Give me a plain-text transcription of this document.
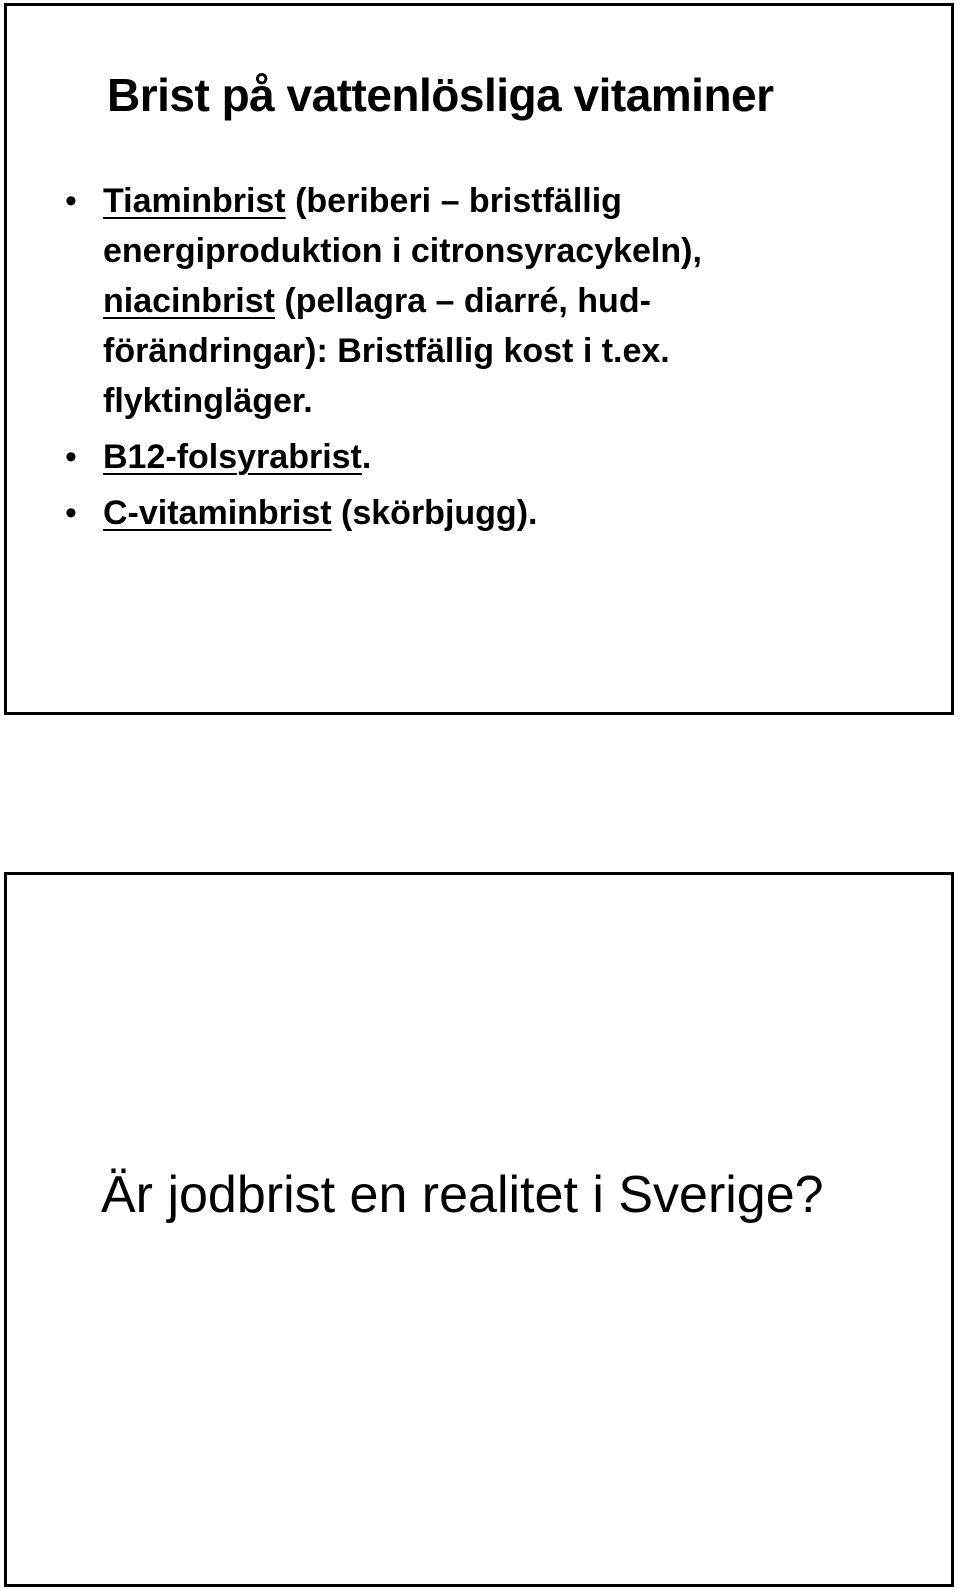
Brist på vattenlösliga vitaminer
• Tiaminbrist (beriberi – bristfällig energiproduktion i citronsyracykeln), niacinbrist (pellagra – diarré, hud-förändringar): Bristfällig kost i t.ex. flyktingläger.
• B12-folsyrabrist.
• C-vitaminbrist (skörbjugg).

Är jodbrist en realitet i Sverige?
